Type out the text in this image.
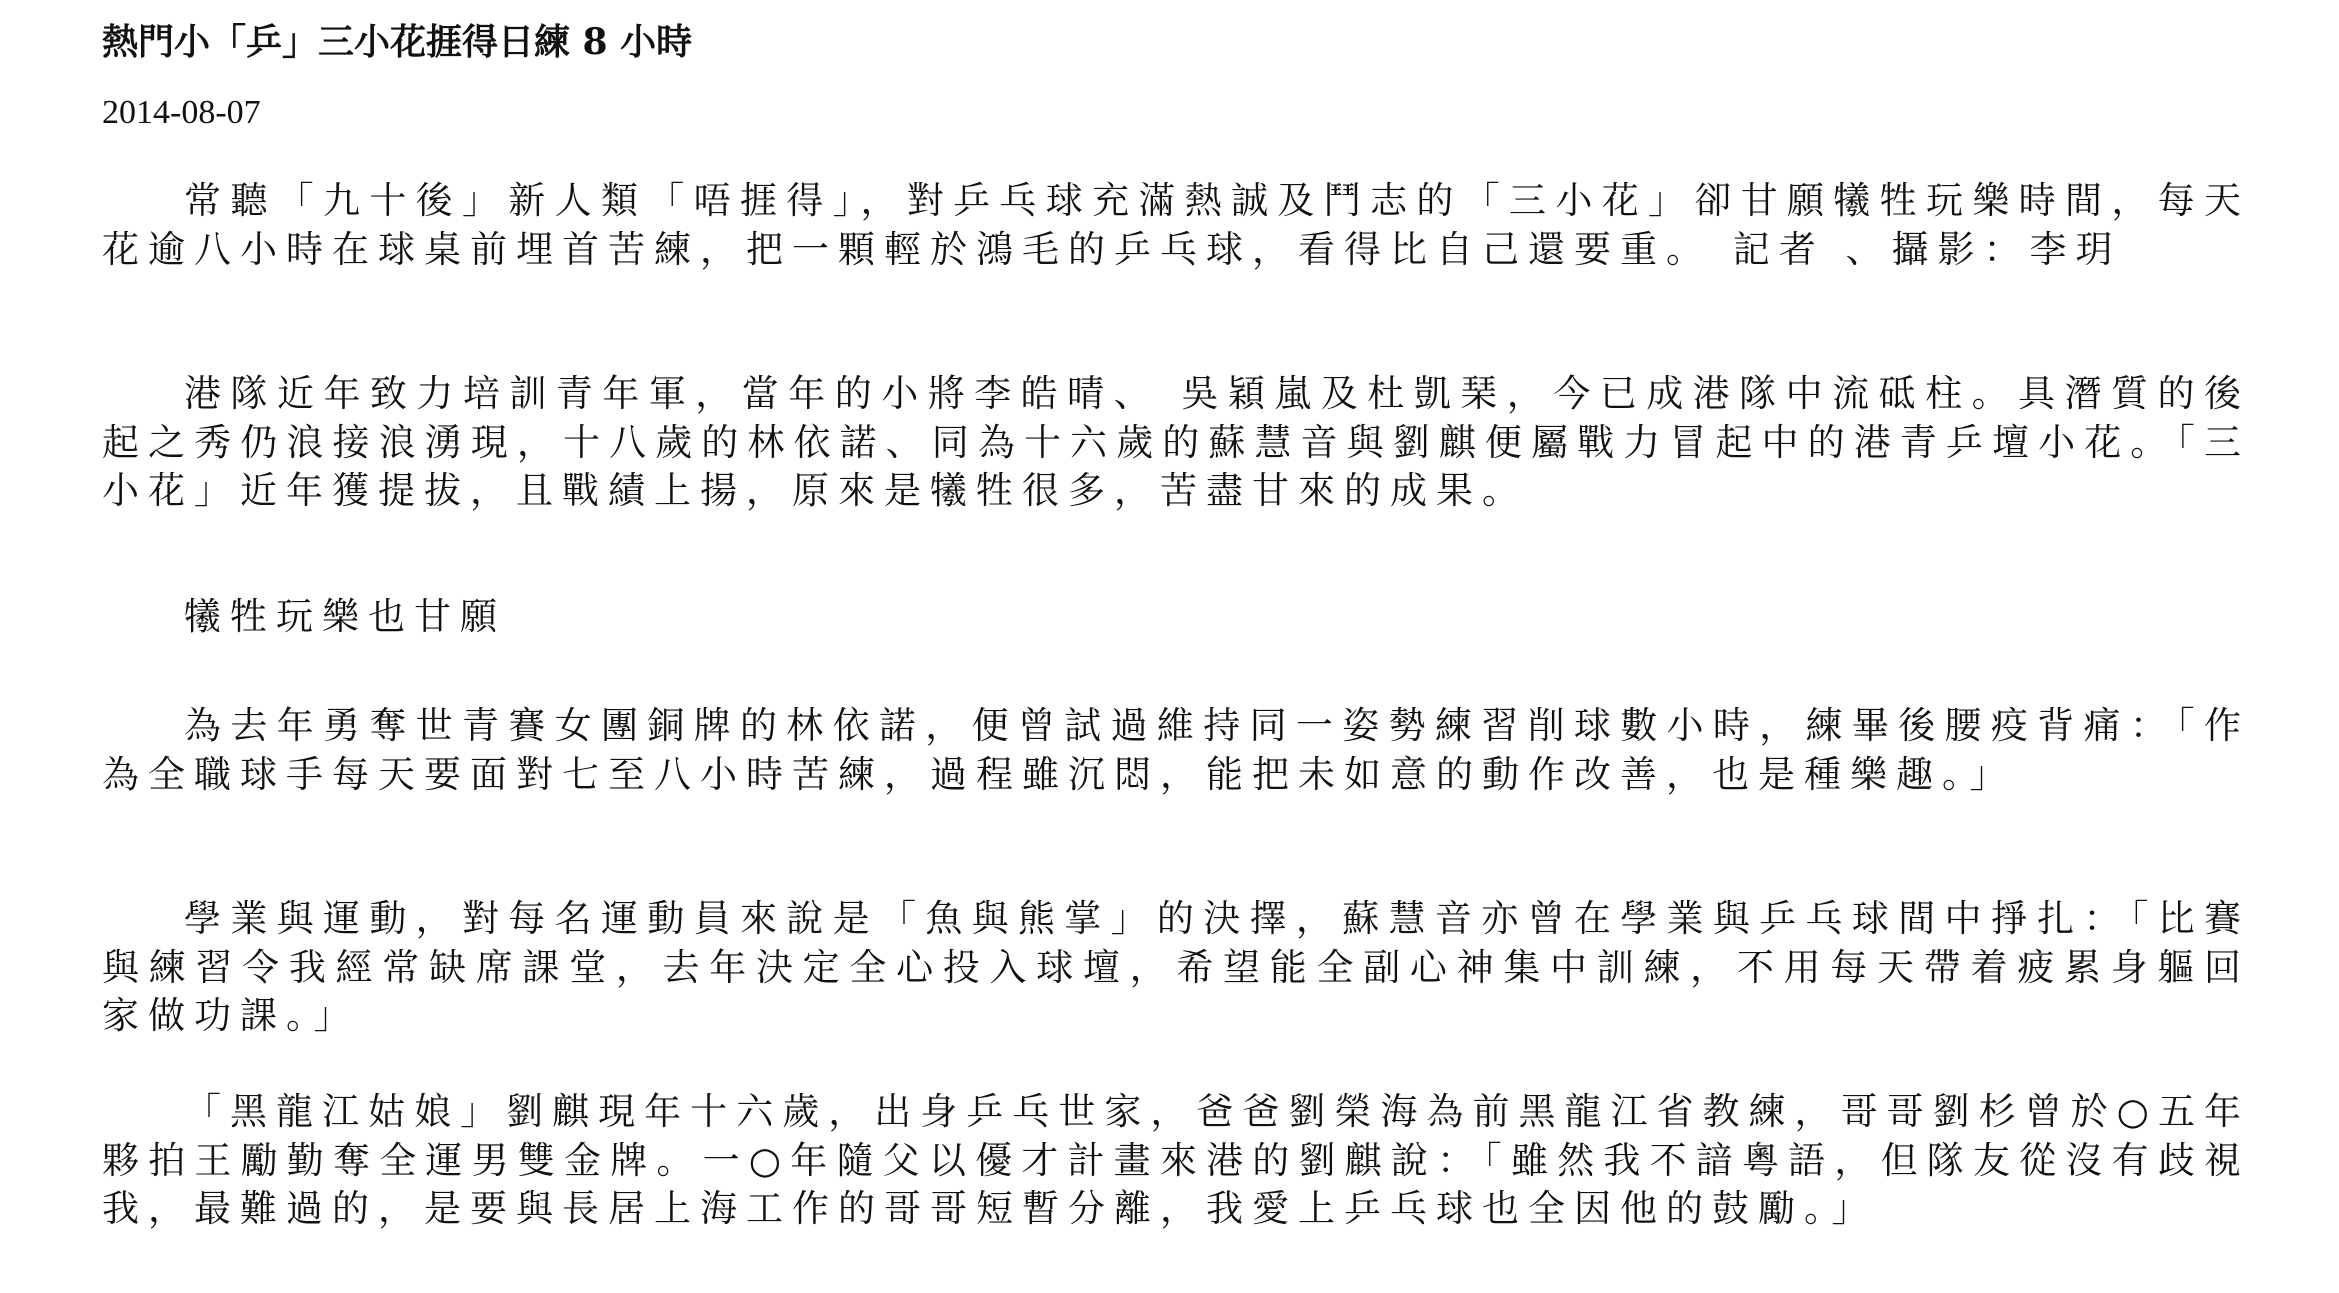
熱門小「乒」三小花捱得日練 8 小時
2014-08-07

常聽「九十後」新人類「唔捱得」，對乒乓球充滿熱誠及鬥志的「三小花」卻甘願犧牲玩樂時間，每天花逾八小時在球桌前埋首苦練，把一顆輕於鴻毛的乒乓球，看得比自己還要重。 記者 、攝影：李玥

港隊近年致力培訓青年軍，當年的小將李皓晴、 吳穎嵐及杜凱琹，今已成港隊中流砥柱。具潛質的後起之秀仍浪接浪湧現，十八歲的林依諾、同為十六歲的蘇慧音與劉麒便屬戰力冒起中的港青乒壇小花。「三小花」近年獲提拔，且戰績上揚，原來是犧牲很多，苦盡甘來的成果。

犧牲玩樂也甘願

為去年勇奪世青賽女團銅牌的林依諾，便曾試過維持同一姿勢練習削球數小時，練畢後腰疫背痛：「作為全職球手每天要面對七至八小時苦練，過程雖沉悶，能把未如意的動作改善，也是種樂趣。」

學業與運動，對每名運動員來說是「魚與熊掌」的決擇，蘇慧音亦曾在學業與乒乓球間中掙扎：「比賽與練習令我經常缺席課堂，去年決定全心投入球壇，希望能全副心神集中訓練，不用每天帶着疲累身軀回家做功課。」

「黑龍江姑娘」劉麒現年十六歲，出身乒乓世家，爸爸劉榮海為前黑龍江省教練，哥哥劉杉曾於○五年夥拍王勵勤奪全運男雙金牌。一○年隨父以優才計畫來港的劉麒說：「雖然我不諳粵語，但隊友從沒有歧視我，最難過的，是要與長居上海工作的哥哥短暫分離，我愛上乒乓球也全因他的鼓勵。」
